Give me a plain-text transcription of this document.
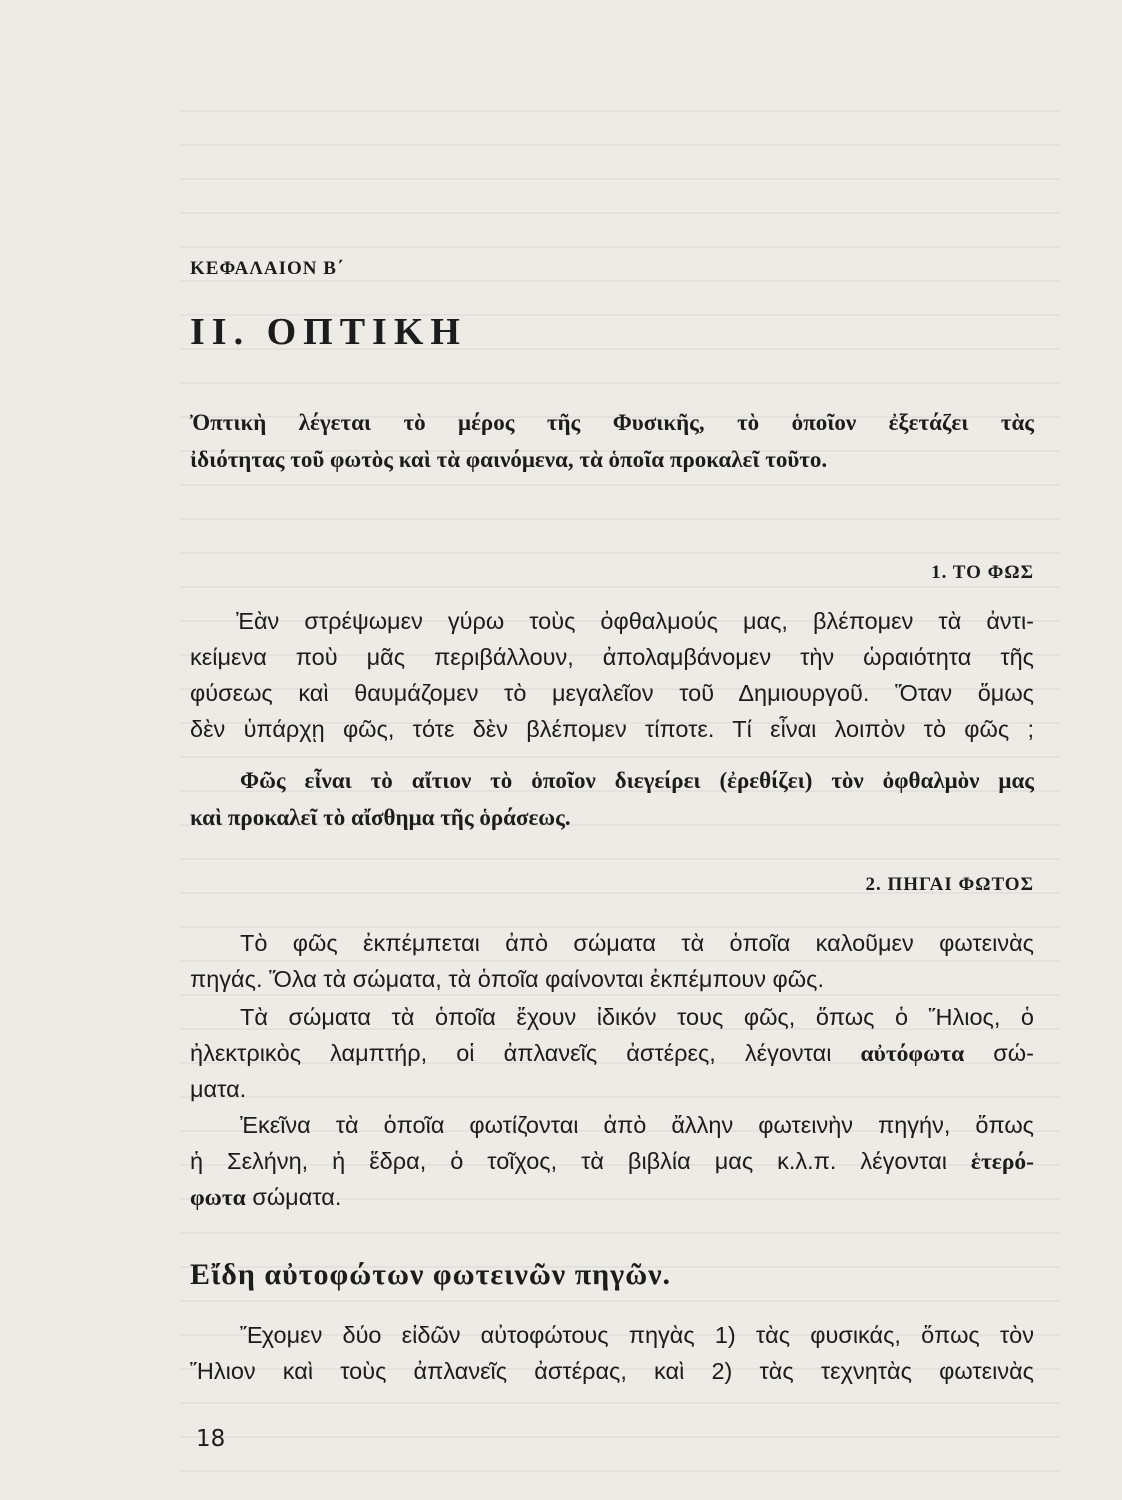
ΚΕΦΑΛΑΙΟΝ Β΄

II. ΟΠΤΙΚΗ

Ὀπτικὴ λέγεται τὸ μέρος τῆς Φυσικῆς, τὸ ὁποῖον ἐξετάζει τὰς

ἰδιότητας τοῦ φωτὸς καὶ τὰ φαινόμενα, τὰ ὁποῖα προκαλεῖ τοῦτο.

1. ΤΟ ΦΩΣ

Ἐὰν στρέψωμεν γύρω τοὺς ὀφθαλμούς μας, βλέπομεν τὰ ἀντι-

κείμενα ποὺ μᾶς περιβάλλουν, ἀπολαμβάνομεν τὴν ὡραιότητα τῆς

φύσεως καὶ θαυμάζομεν τὸ μεγαλεῖον τοῦ Δημιουργοῦ. Ὅταν ὅμως

δὲν ὑπάρχῃ φῶς, τότε δὲν βλέπομεν τίποτε. Τί εἶναι λοιπὸν τὸ φῶς ;

Φῶς εἶναι τὸ αἴτιον τὸ ὁποῖον διεγείρει (ἐρεθίζει) τὸν ὀφθαλμὸν μας

καὶ προκαλεῖ τὸ αἴσθημα τῆς ὁράσεως.

2. ΠΗΓΑΙ ΦΩΤΟΣ

Τὸ φῶς ἐκπέμπεται ἀπὸ σώματα τὰ ὁποῖα καλοῦμεν φωτεινὰς

πηγάς. Ὅλα τὰ σώματα, τὰ ὁποῖα φαίνονται ἐκπέμπουν φῶς.

Τὰ σώματα τὰ ὁποῖα ἔχουν ἰδικόν τους φῶς, ὅπως ὁ Ἥλιος, ὁ

ἠλεκτρικὸς λαμπτήρ, οἱ ἀπλανεῖς ἀστέρες, λέγονται αὐτόφωτα σώ-

ματα.

Ἐκεῖνα τὰ ὁποῖα φωτίζονται ἀπὸ ἄλλην φωτεινὴν πηγήν, ὅπως

ἡ Σελήνη, ἡ ἕδρα, ὁ τοῖχος, τὰ βιβλία μας κ.λ.π. λέγονται ἑτερό-

φωτα σώματα.

Εἴδη αὐτοφώτων φωτεινῶν πηγῶν.

Ἔχομεν δύο εἰδῶν αὐτοφώτους πηγὰς 1) τὰς φυσικάς, ὅπως τὸν

Ἥλιον καὶ τοὺς ἀπλανεῖς ἀστέρας, καὶ 2) τὰς τεχνητὰς φωτεινὰς

18
